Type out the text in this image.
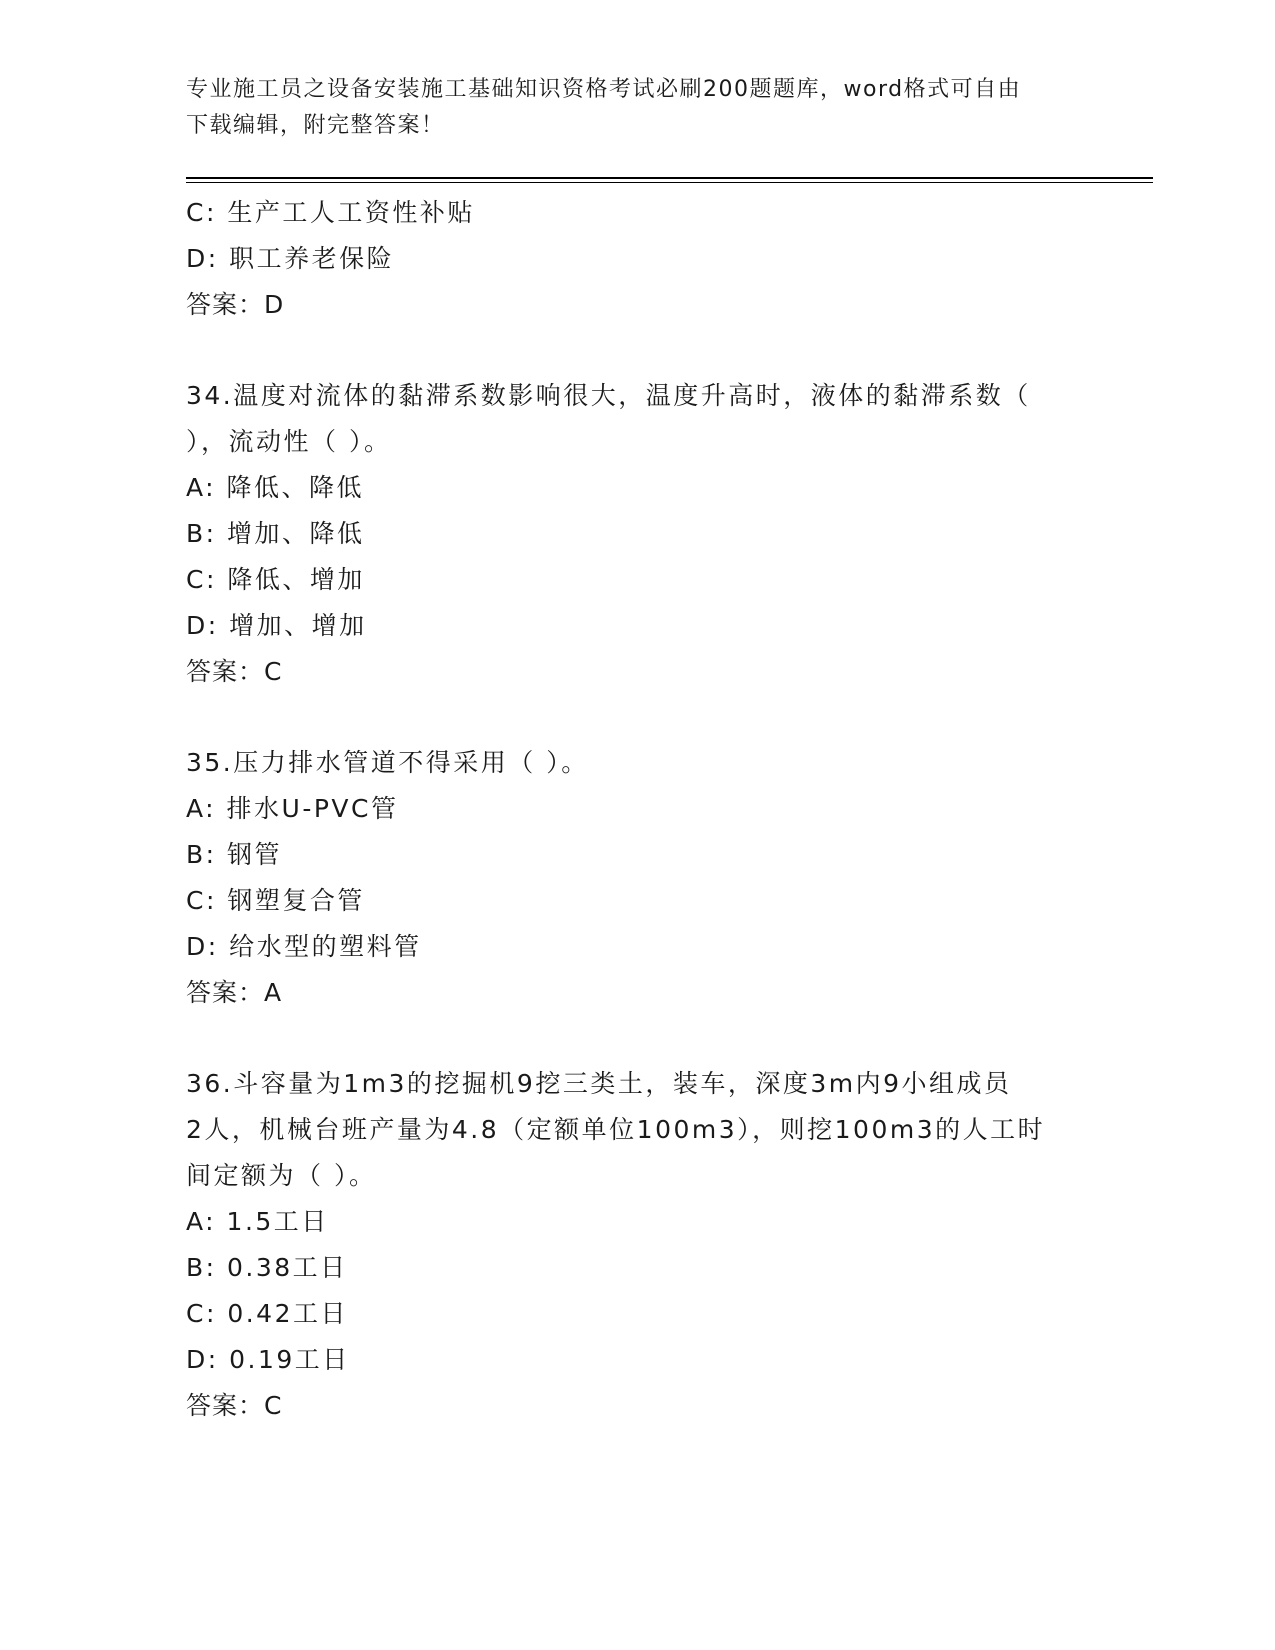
专业施工员之设备安装施工基础知识资格考试必刷200题题库，word格式可自由
下载编辑，附完整答案！
C: 生产工人工资性补贴
D: 职工养老保险
答案：D
34.温度对流体的黏滞系数影响很大，温度升高时，液体的黏滞系数（
），流动性（ ）。
A: 降低、降低
B: 增加、降低
C: 降低、增加
D: 增加、增加
答案：C
35.压力排水管道不得采用（ ）。
A: 排水U-PVC管
B: 钢管
C: 钢塑复合管
D: 给水型的塑料管
答案：A
36.斗容量为1m3的挖掘机9挖三类土，装车，深度3m内9小组成员
2人，机械台班产量为4.8（定额单位100m3），则挖100m3的人工时
间定额为（ ）。
A: 1.5工日
B: 0.38工日
C: 0.42工日
D: 0.19工日
答案：C
